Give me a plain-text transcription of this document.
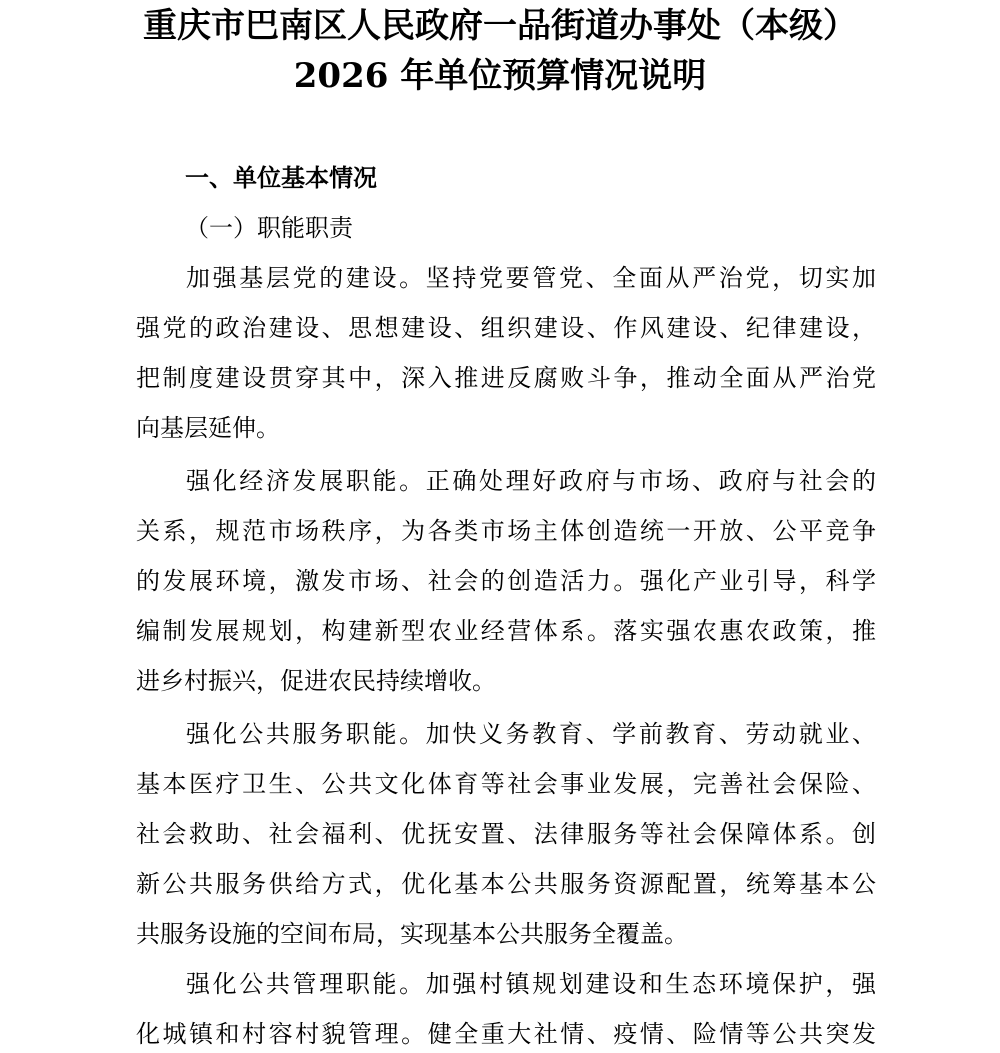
重庆市巴南区人民政府一品街道办事处（本级）
2026 年单位预算情况说明
一、单位基本情况
（一）职能职责
加强基层党的建设。坚持党要管党、全面从严治党，切实加
强党的政治建设、思想建设、组织建设、作风建设、纪律建设，
把制度建设贯穿其中，深入推进反腐败斗争，推动全面从严治党
向基层延伸。
强化经济发展职能。正确处理好政府与市场、政府与社会的
关系，规范市场秩序，为各类市场主体创造统一开放、公平竞争
的发展环境，激发市场、社会的创造活力。强化产业引导，科学
编制发展规划，构建新型农业经营体系。落实强农惠农政策，推
进乡村振兴，促进农民持续增收。
强化公共服务职能。加快义务教育、学前教育、劳动就业、
基本医疗卫生、公共文化体育等社会事业发展，完善社会保险、
社会救助、社会福利、优抚安置、法律服务等社会保障体系。创
新公共服务供给方式，优化基本公共服务资源配置，统筹基本公
共服务设施的空间布局，实现基本公共服务全覆盖。
强化公共管理职能。加强村镇规划建设和生态环境保护，强
化城镇和村容村貌管理。健全重大社情、疫情、险情等公共突发
